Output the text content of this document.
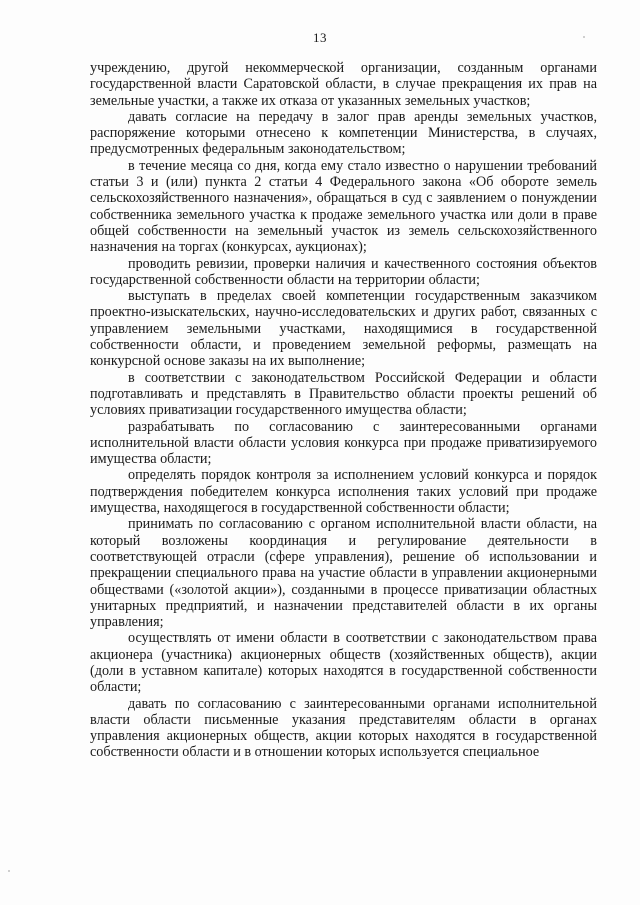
13

учреждению, другой некоммерческой организации, созданным органами государственной власти Саратовской области, в случае прекращения их прав на земельные участки, а также их отказа от указанных земельных участков;

давать согласие на передачу в залог прав аренды земельных участков, распоряжение которыми отнесено к компетенции Министерства, в случаях, предусмотренных федеральным законодательством;

в течение месяца со дня, когда ему стало известно о нарушении требований статьи 3 и (или) пункта 2 статьи 4 Федерального закона «Об обороте земель сельскохозяйственного назначения», обращаться в суд с заявлением о понуждении собственника земельного участка к продаже земельного участка или доли в праве общей собственности на земельный участок из земель сельскохозяйственного назначения на торгах (конкурсах, аукционах);

проводить ревизии, проверки наличия и качественного состояния объектов государственной собственности области на территории области;

выступать в пределах своей компетенции государственным заказчиком проектно-изыскательских, научно-исследовательских и других работ, связанных с управлением земельными участками, находящимися в государственной собственности области, и проведением земельной реформы, размещать на конкурсной основе заказы на их выполнение;

в соответствии с законодательством Российской Федерации и области подготавливать и представлять в Правительство области проекты решений об условиях приватизации государственного имущества области;

разрабатывать по согласованию с заинтересованными органами исполнительной власти области условия конкурса при продаже приватизируемого имущества области;

определять порядок контроля за исполнением условий конкурса и порядок подтверждения победителем конкурса исполнения таких условий при продаже имущества, находящегося в государственной собственности области;

принимать по согласованию с органом исполнительной власти области, на который возложены координация и регулирование деятельности в соответствующей отрасли (сфере управления), решение об использовании и прекращении специального права на участие области в управлении акционерными обществами («золотой акции»), созданными в процессе приватизации областных унитарных предприятий, и назначении представителей области в их органы управления;

осуществлять от имени области в соответствии с законодательством права акционера (участника) акционерных обществ (хозяйственных обществ), акции (доли в уставном капитале) которых находятся в государственной собственности области;

давать по согласованию с заинтересованными органами исполнительной власти области письменные указания представителям области в органах управления акционерных обществ, акции которых находятся в государственной собственности области и в отношении которых используется специальное
